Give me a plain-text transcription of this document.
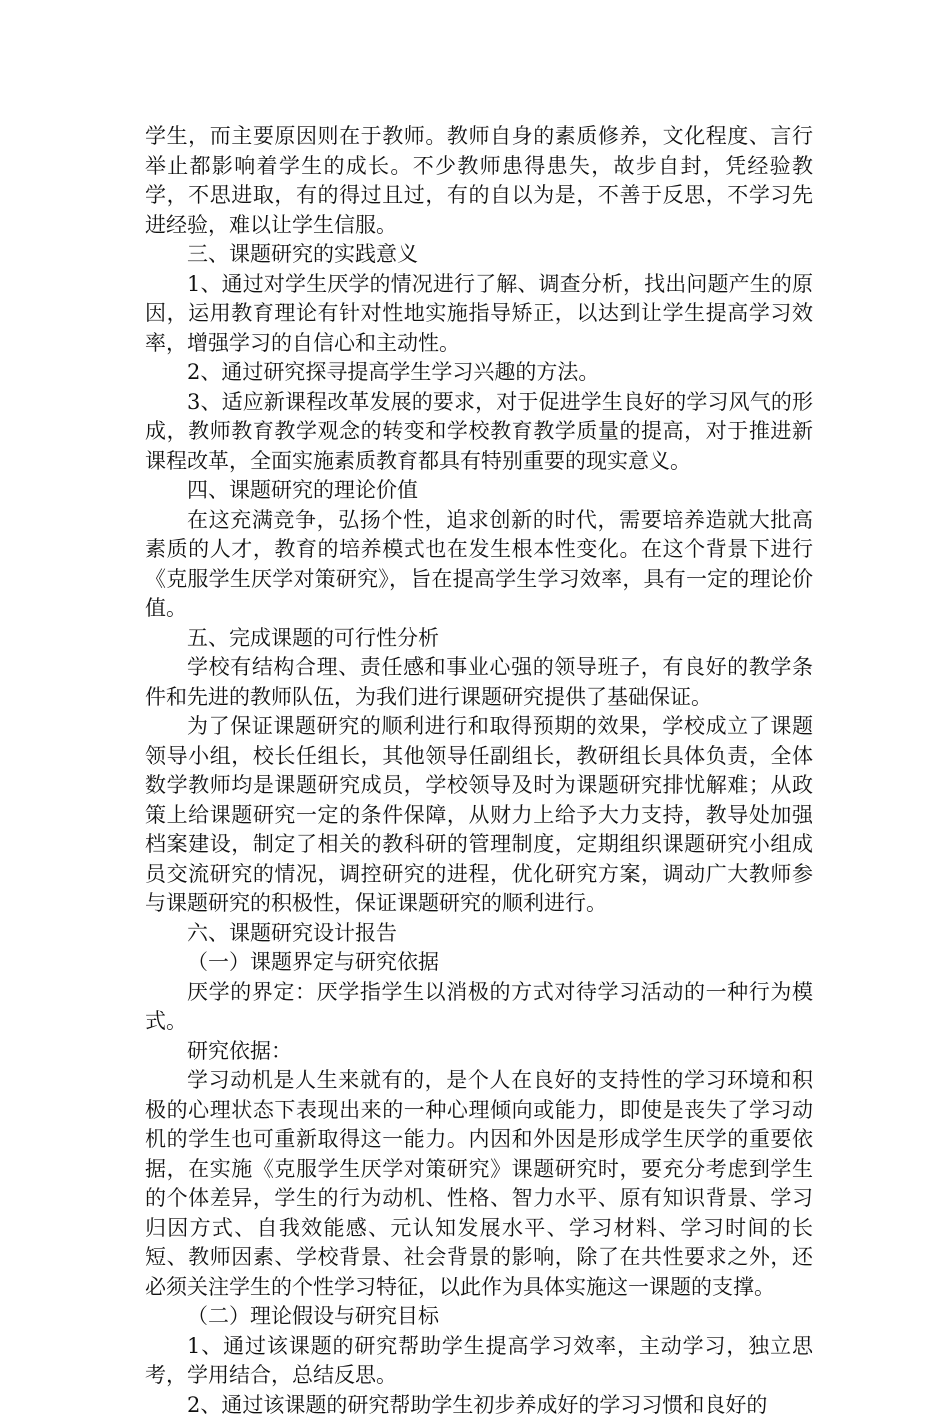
学生，而主要原因则在于教师。教师自身的素质修养，文化程度、言行举止都影响着学生的成长。不少教师患得患失，故步自封，凭经验教学，不思进取，有的得过且过，有的自以为是，不善于反思，不学习先进经验，难以让学生信服。

三、课题研究的实践意义

1、通过对学生厌学的情况进行了解、调查分析，找出问题产生的原因，运用教育理论有针对性地实施指导矫正，以达到让学生提高学习效率，增强学习的自信心和主动性。

2、通过研究探寻提高学生学习兴趣的方法。

3、适应新课程改革发展的要求，对于促进学生良好的学习风气的形成，教师教育教学观念的转变和学校教育教学质量的提高，对于推进新课程改革，全面实施素质教育都具有特别重要的现实意义。

四、课题研究的理论价值

在这充满竞争，弘扬个性，追求创新的时代，需要培养造就大批高素质的人才，教育的培养模式也在发生根本性变化。在这个背景下进行《克服学生厌学对策研究》，旨在提高学生学习效率，具有一定的理论价值。

五、完成课题的可行性分析

学校有结构合理、责任感和事业心强的领导班子，有良好的教学条件和先进的教师队伍，为我们进行课题研究提供了基础保证。

为了保证课题研究的顺利进行和取得预期的效果，学校成立了课题领导小组，校长任组长，其他领导任副组长，教研组长具体负责，全体数学教师均是课题研究成员，学校领导及时为课题研究排忧解难；从政策上给课题研究一定的条件保障，从财力上给予大力支持，教导处加强档案建设，制定了相关的教科研的管理制度，定期组织课题研究小组成员交流研究的情况，调控研究的进程，优化研究方案，调动广大教师参与课题研究的积极性，保证课题研究的顺利进行。

六、课题研究设计报告

（一）课题界定与研究依据

厌学的界定：厌学指学生以消极的方式对待学习活动的一种行为模式。

研究依据：

学习动机是人生来就有的，是个人在良好的支持性的学习环境和积极的心理状态下表现出来的一种心理倾向或能力，即使是丧失了学习动机的学生也可重新取得这一能力。内因和外因是形成学生厌学的重要依据，在实施《克服学生厌学对策研究》课题研究时，要充分考虑到学生的个体差异，学生的行为动机、性格、智力水平、原有知识背景、学习归因方式、自我效能感、元认知发展水平、学习材料、学习时间的长短、教师因素、学校背景、社会背景的影响，除了在共性要求之外，还必须关注学生的个性学习特征，以此作为具体实施这一课题的支撑。

（二）理论假设与研究目标

1、通过该课题的研究帮助学生提高学习效率，主动学习，独立思考，学用结合，总结反思。

2、通过该课题的研究帮助学生初步养成好的学习习惯和良好的
